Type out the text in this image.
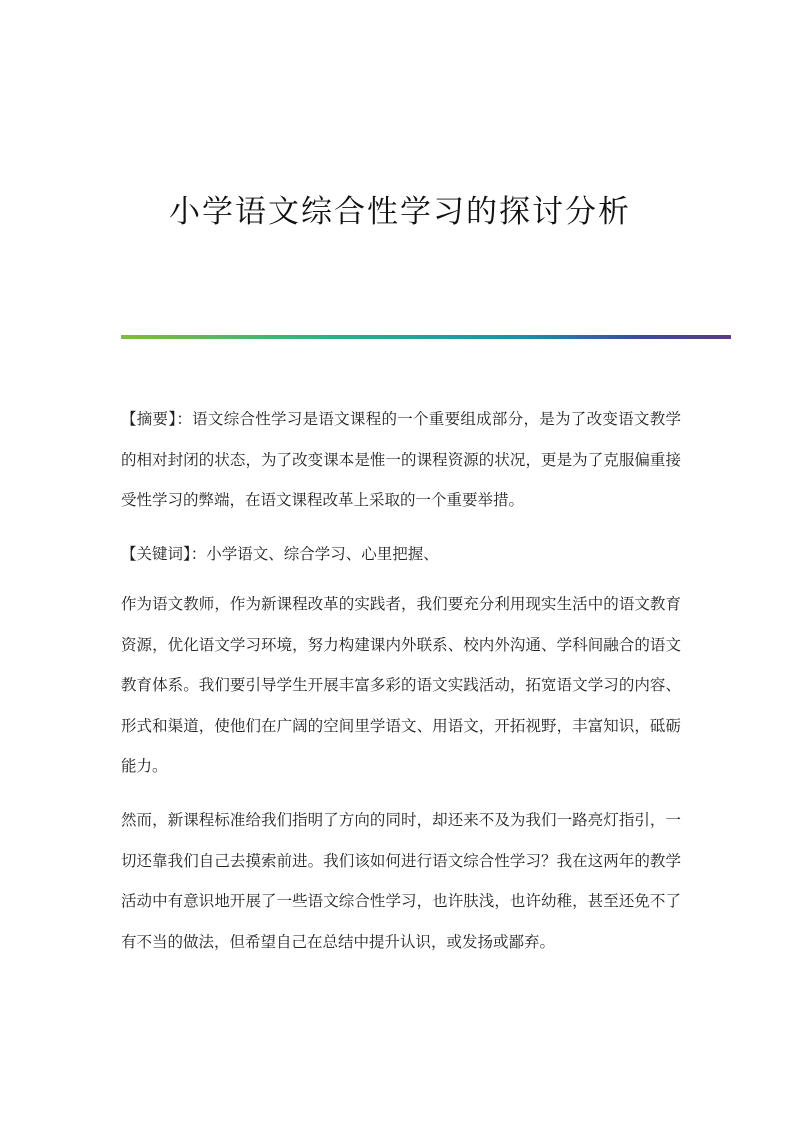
小学语文综合性学习的探讨分析

【摘要】：语文综合性学习是语文课程的一个重要组成部分，是为了改变语文教学的相对封闭的状态，为了改变课本是惟一的课程资源的状况，更是为了克服偏重接受性学习的弊端，在语文课程改革上采取的一个重要举措。

【关键词】：小学语文、综合学习、心里把握、

作为语文教师，作为新课程改革的实践者，我们要充分利用现实生活中的语文教育资源，优化语文学习环境，努力构建课内外联系、校内外沟通、学科间融合的语文教育体系。我们要引导学生开展丰富多彩的语文实践活动，拓宽语文学习的内容、形式和渠道，使他们在广阔的空间里学语文、用语文，开拓视野，丰富知识，砥砺能力。

然而，新课程标准给我们指明了方向的同时，却还来不及为我们一路亮灯指引，一切还靠我们自己去摸索前进。我们该如何进行语文综合性学习？我在这两年的教学活动中有意识地开展了一些语文综合性学习，也许肤浅，也许幼稚，甚至还免不了有不当的做法，但希望自己在总结中提升认识，或发扬或鄙弃。
